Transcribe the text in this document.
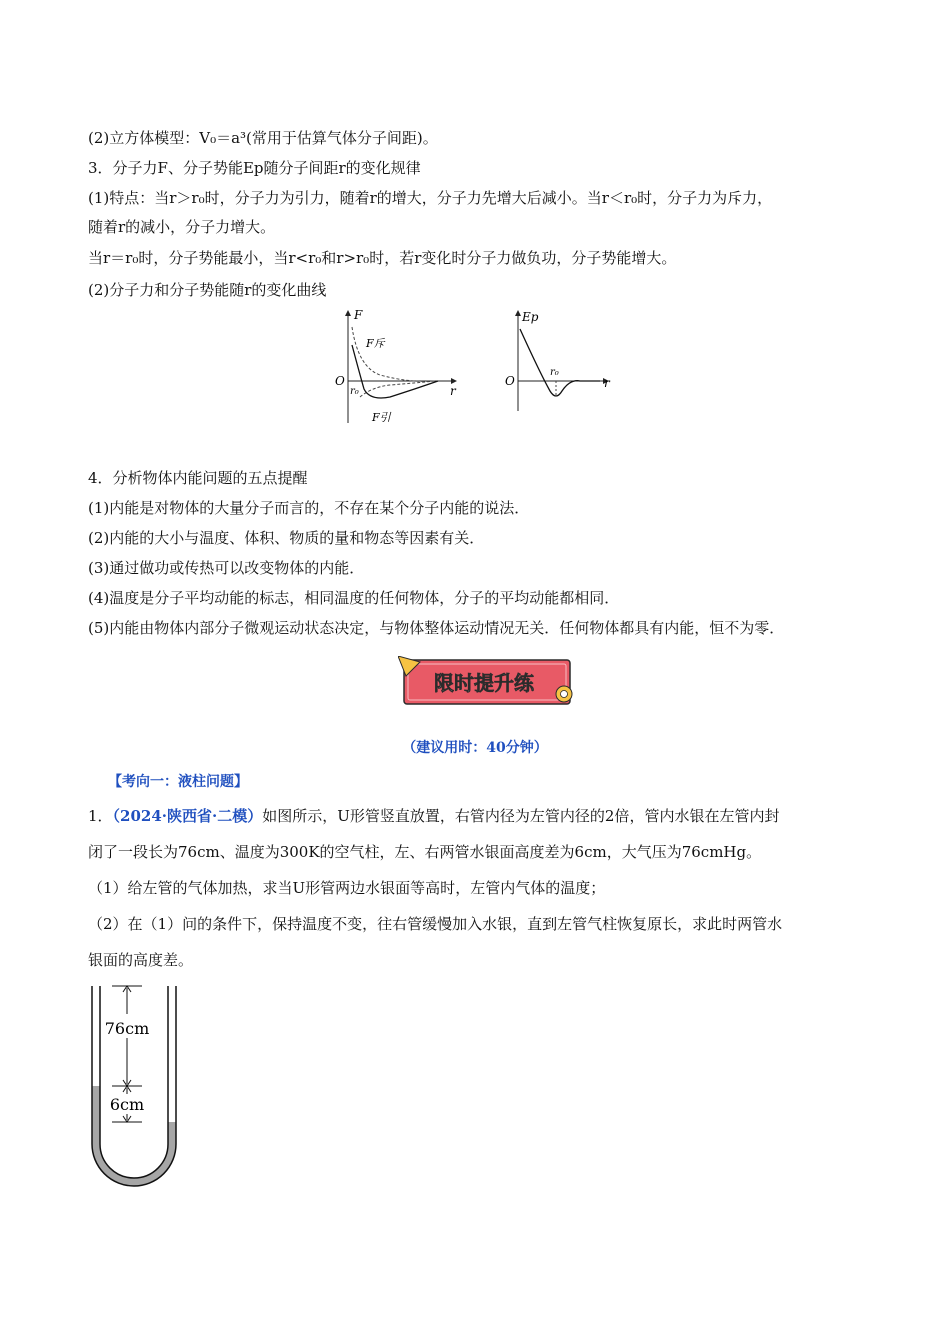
(2)立方体模型：V₀＝a³(常用于估算气体分子间距)。
3．分子力F、分子势能Ep随分子间距r的变化规律
(1)特点：当r＞r₀时，分子力为引力，随着r的增大，分子力先增大后减小。当r＜r₀时，分子力为斥力，
随着r的减小，分子力增大。
当r＝r₀时，分子势能最小，当r<r₀和r>r₀时，若r变化时分子力做负功，分子势能增大。
(2)分子力和分子势能随r的变化曲线
F
F斥
F引
O
r₀	r
Ep
O
r₀
r
4．分析物体内能问题的五点提醒
(1)内能是对物体的大量分子而言的，不存在某个分子内能的说法．
(2)内能的大小与温度、体积、物质的量和物态等因素有关．
(3)通过做功或传热可以改变物体的内能．
(4)温度是分子平均动能的标志，相同温度的任何物体，分子的平均动能都相同．
(5)内能由物体内部分子微观运动状态决定，与物体整体运动情况无关．任何物体都具有内能，恒不为零．
限时提升练
（建议用时：40分钟）
【考向一：液柱问题】
1．（2024·陕西省·二模）如图所示，U形管竖直放置，右管内径为左管内径的2倍，管内水银在左管内封
闭了一段长为76cm、温度为300K的空气柱，左、右两管水银面高度差为6cm，大气压为76cmHg。
（1）给左管的气体加热，求当U形管两边水银面等高时，左管内气体的温度；
（2）在（1）问的条件下，保持温度不变，往右管缓慢加入水银，直到左管气柱恢复原长，求此时两管水
银面的高度差。
76cm
6cm
